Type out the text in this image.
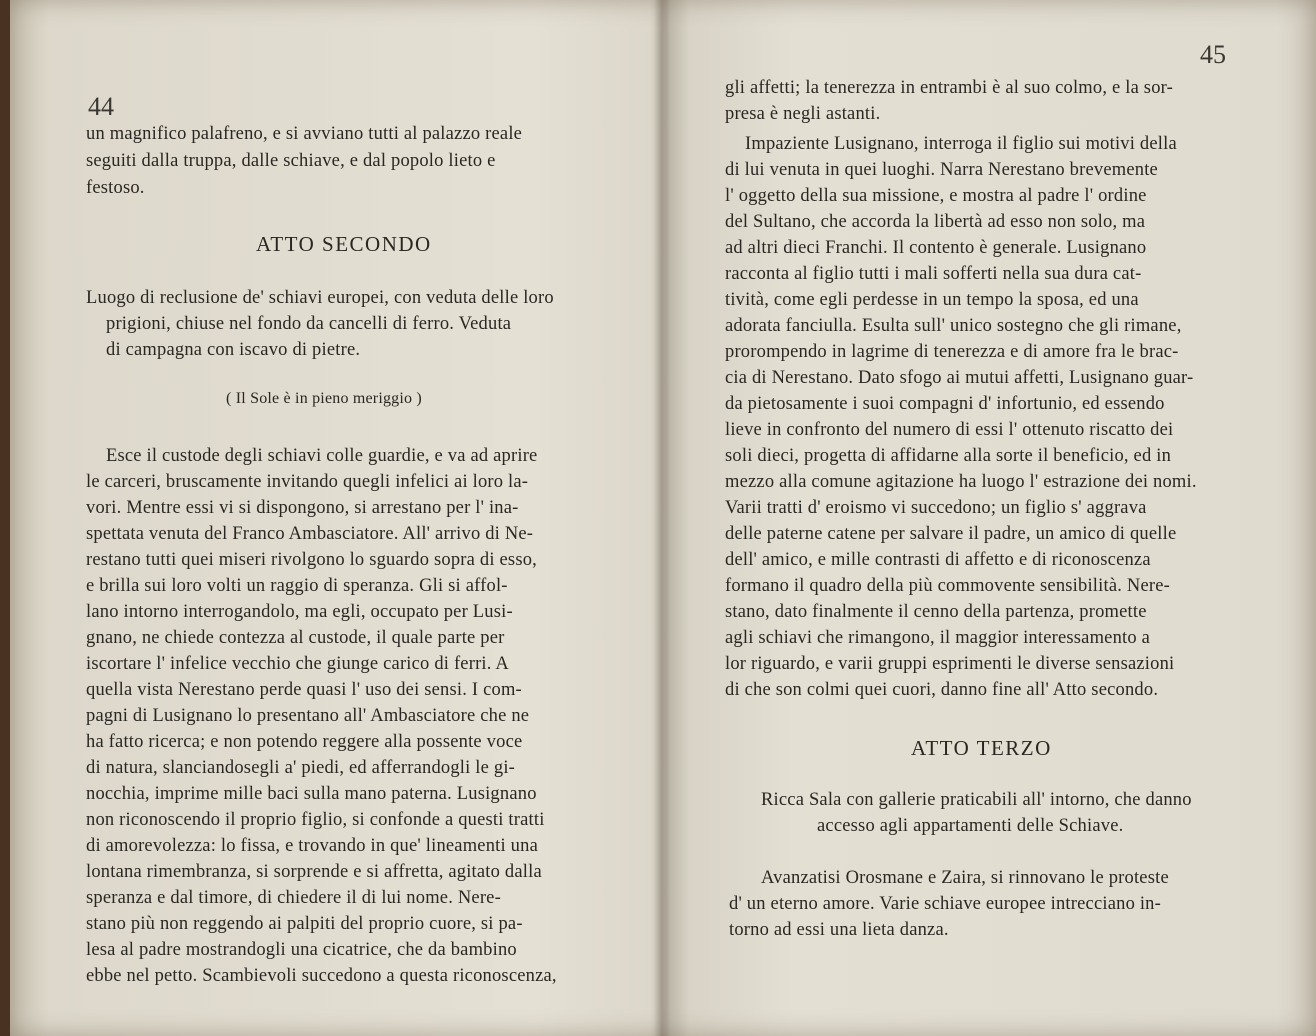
44
un magnifico palafreno, e si avviano tutti al palazzo reale
seguiti dalla truppa, dalle schiave, e dal popolo lieto e
festoso.
ATTO SECONDO
Luogo di reclusione de' schiavi europei, con veduta delle loro
prigioni, chiuse nel fondo da cancelli di ferro. Veduta
di campagna con iscavo di pietre.
( Il Sole è in pieno meriggio )
Esce il custode degli schiavi colle guardie, e va ad aprire
le carceri, bruscamente invitando quegli infelici ai loro la-
vori. Mentre essi vi si dispongono, si arrestano per l' ina-
spettata venuta del Franco Ambasciatore. All' arrivo di Ne-
restano tutti quei miseri rivolgono lo sguardo sopra di esso,
e brilla sui loro volti un raggio di speranza. Gli si affol-
lano intorno interrogandolo, ma egli, occupato per Lusi-
gnano, ne chiede contezza al custode, il quale parte per
iscortare l' infelice vecchio che giunge carico di ferri. A
quella vista Nerestano perde quasi l' uso dei sensi. I com-
pagni di Lusignano lo presentano all' Ambasciatore che ne
ha fatto ricerca; e non potendo reggere alla possente voce
di natura, slanciandosegli a' piedi, ed afferrandogli le gi-
nocchia, imprime mille baci sulla mano paterna. Lusignano
non riconoscendo il proprio figlio, si confonde a questi tratti
di amorevolezza: lo fissa, e trovando in que' lineamenti una
lontana rimembranza, si sorprende e si affretta, agitato dalla
speranza e dal timore, di chiedere il di lui nome. Nere-
stano più non reggendo ai palpiti del proprio cuore, si pa-
lesa al padre mostrandogli una cicatrice, che da bambino
ebbe nel petto. Scambievoli succedono a questa riconoscenza,
45
gli affetti; la tenerezza in entrambi è al suo colmo, e la sor-
presa è negli astanti.
Impaziente Lusignano, interroga il figlio sui motivi della
di lui venuta in quei luoghi. Narra Nerestano brevemente
l' oggetto della sua missione, e mostra al padre l' ordine
del Sultano, che accorda la libertà ad esso non solo, ma
ad altri dieci Franchi. Il contento è generale. Lusignano
racconta al figlio tutti i mali sofferti nella sua dura cat-
tività, come egli perdesse in un tempo la sposa, ed una
adorata fanciulla. Esulta sull' unico sostegno che gli rimane,
prorompendo in lagrime di tenerezza e di amore fra le brac-
cia di Nerestano. Dato sfogo ai mutui affetti, Lusignano guar-
da pietosamente i suoi compagni d' infortunio, ed essendo
lieve in confronto del numero di essi l' ottenuto riscatto dei
soli dieci, progetta di affidarne alla sorte il beneficio, ed in
mezzo alla comune agitazione ha luogo l' estrazione dei nomi.
Varii tratti d' eroismo vi succedono; un figlio s' aggrava
delle paterne catene per salvare il padre, un amico di quelle
dell' amico, e mille contrasti di affetto e di riconoscenza
formano il quadro della più commovente sensibilità. Nere-
stano, dato finalmente il cenno della partenza, promette
agli schiavi che rimangono, il maggior interessamento a
lor riguardo, e varii gruppi esprimenti le diverse sensazioni
di che son colmi quei cuori, danno fine all' Atto secondo.
ATTO TERZO
Ricca Sala con gallerie praticabili all' intorno, che danno
accesso agli appartamenti delle Schiave.
Avanzatisi Orosmane e Zaira, si rinnovano le proteste
d' un eterno amore. Varie schiave europee intrecciano in-
torno ad essi una lieta danza.
